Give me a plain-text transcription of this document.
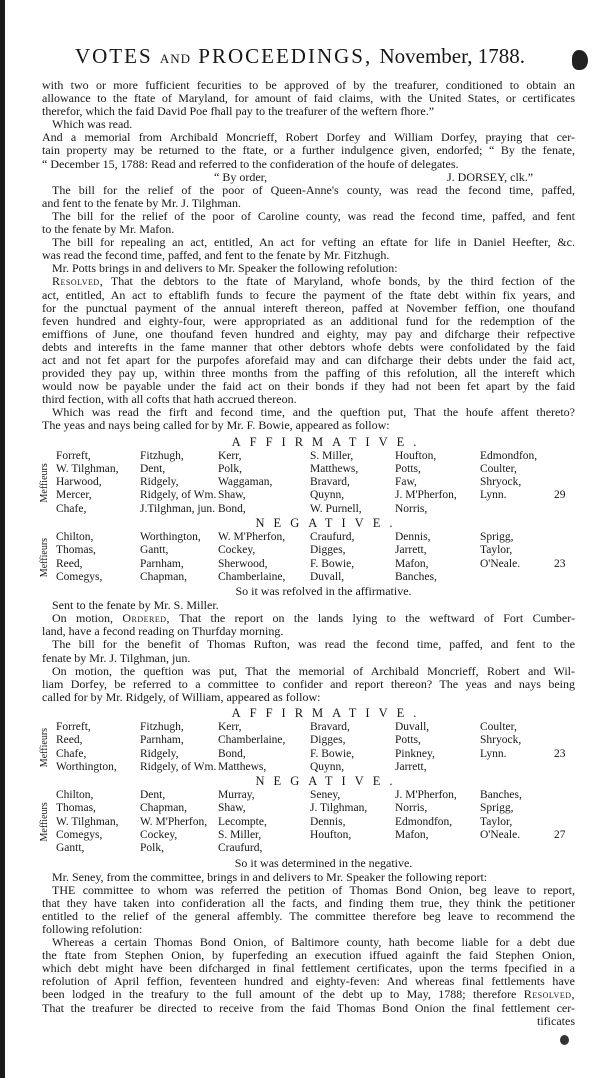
VOTES AND PROCEEDINGS, November, 1788.
with two or more fufficient fecurities to be approved of by the treafurer, conditioned to obtain an
allowance to the ftate of Maryland, for amount of faid claims, with the United States, or certificates
therefor, which the faid David Poe fhall pay to the treafurer of the weftern fhore.”
Which was read.
And a memorial from Archibald Moncrieff, Robert Dorfey and William Dorfey, praying that cer-
tain property may be returned to the ftate, or a further indulgence given, endorfed; “ By the fenate,
“ December 15, 1788: Read and referred to the confideration of the houfe of delegates.
“ By order,	J. DORSEY, clk.”
The bill for the relief of the poor of Queen-Anne's county, was read the fecond time, paffed,
and fent to the fenate by Mr. J. Tilghman.
The bill for the relief of the poor of Caroline county, was read the fecond time, paffed, and fent
to the fenate by Mr. Mafon.
The bill for repealing an act, entitled, An act for vefting an eftate for life in Daniel Heefter, &c.
was read the fecond time, paffed, and fent to the fenate by Mr. Fitzhugh.
Mr. Potts brings in and delivers to Mr. Speaker the following refolution:
Resolved, That the debtors to the ftate of Maryland, whofe bonds, by the third fection of the
act, entitled, An act to eftablifh funds to fecure the payment of the ftate debt within fix years, and
for the punctual payment of the annual intereft thereon, paffed at November feffion, one thoufand
feven hundred and eighty-four, were appropriated as an additional fund for the redemption of the
emiffions of June, one thoufand feven hundred and eighty, may pay and difcharge their refpective
debts and interefts in the fame manner that other debtors whofe debts were confolidated by the faid
act and not fet apart for the purpofes aforefaid may and can difcharge their debts under the faid act,
provided they pay up, within three months from the paffing of this refolution, all the intereft which
would now be payable under the faid act on their bonds if they had not been fet apart by the faid
third fection, with all cofts that hath accrued thereon.
Which was read the firft and fecond time, and the queftion put, That the houfe affent thereto?
The yeas and nays being called for by Mr. F. Bowie, appeared as follow:
AFFIRMATIVE.
Meffieurs
Forreft,	Fitzhugh,	Kerr,	S. Miller,	Houfton,	Edmondfon,
W. Tilghman, Dent,	Polk,	Matthews,	Potts,	Coulter,
Harwood,	Ridgely,	Waggaman,	Bravard,	Faw,	Shryock,
Mercer,	Ridgely, of Wm. Shaw,	Quynn,	J. M'Pherfon, Lynn.	29
Chafe,	J.Tilghman, jun. Bond,	W. Purnell,	Norris,
NEGATIVE.
Meffieurs
Chilton,	Worthington, W. M'Pherfon, Craufurd,	Dennis,	Sprigg,
Thomas,	Gantt,	Cockey,	Digges,	Jarrett,	Taylor,
Reed,	Parnham,	Sherwood,	F. Bowie,	Mafon,	O'Neale.	23
Comegys,	Chapman,	Chamberlaine, Duvall,	Banches,
So it was refolved in the affirmative.
Sent to the fenate by Mr. S. Miller.
On motion, Ordered, That the report on the lands lying to the weftward of Fort Cumber-
land, have a fecond reading on Thurfday morning.
The bill for the benefit of Thomas Rufton, was read the fecond time, paffed, and fent to the
fenate by Mr. J. Tilghman, jun.
On motion, the queftion was put, That the memorial of Archibald Moncrieff, Robert and Wil-
liam Dorfey, be referred to a committee to confider and report thereon? The yeas and nays being
called for by Mr. Ridgely, of William, appeared as follow:
AFFIRMATIVE.
Meffieurs
Forreft,	Fitzhugh,	Kerr,	Bravard,	Duvall,	Coulter,
Reed,	Parnham,	Chamberlaine, Digges,	Potts,	Shryock,
Chafe,	Ridgely,	Bond,	F. Bowie,	Pinkney,	Lynn.	23
Worthington, Ridgely, of Wm. Matthews,	Quynn,	Jarrett,
NEGATIVE.
Meffieurs
Chilton,	Dent,	Murray,	Seney,	J. M'Pherfon, Banches,
Thomas,	Chapman,	Shaw,	J. Tilghman, Norris,	Sprigg,
W. Tilghman, W. M'Pherfon, Lecompte,	Dennis,	Edmondfon, Taylor,
Comegys,	Cockey,	S. Miller,	Houfton,	Mafon,	O'Neale.	27
Gantt,	Polk,	Craufurd,
So it was determined in the negative.
Mr. Seney, from the committee, brings in and delivers to Mr. Speaker the following report:
THE committee to whom was referred the petition of Thomas Bond Onion, beg leave to report,
that they have taken into confideration all the facts, and finding them true, they think the petitioner
entitled to the relief of the general affembly. The committee therefore beg leave to recommend the
following refolution:
Whereas a certain Thomas Bond Onion, of Baltimore county, hath become liable for a debt due
the ftate from Stephen Onion, by fuperfeding an execution iffued againft the faid Stephen Onion,
which debt might have been difcharged in final fettlement certificates, upon the terms fpecified in a
refolution of April feffion, feventeen hundred and eighty-feven: And whereas final fettlements have
been lodged in the treafury to the full amount of the debt up to May, 1788; therefore Resolved,
That the treafurer be directed to receive from the faid Thomas Bond Onion the final fettlement cer-
tificates
